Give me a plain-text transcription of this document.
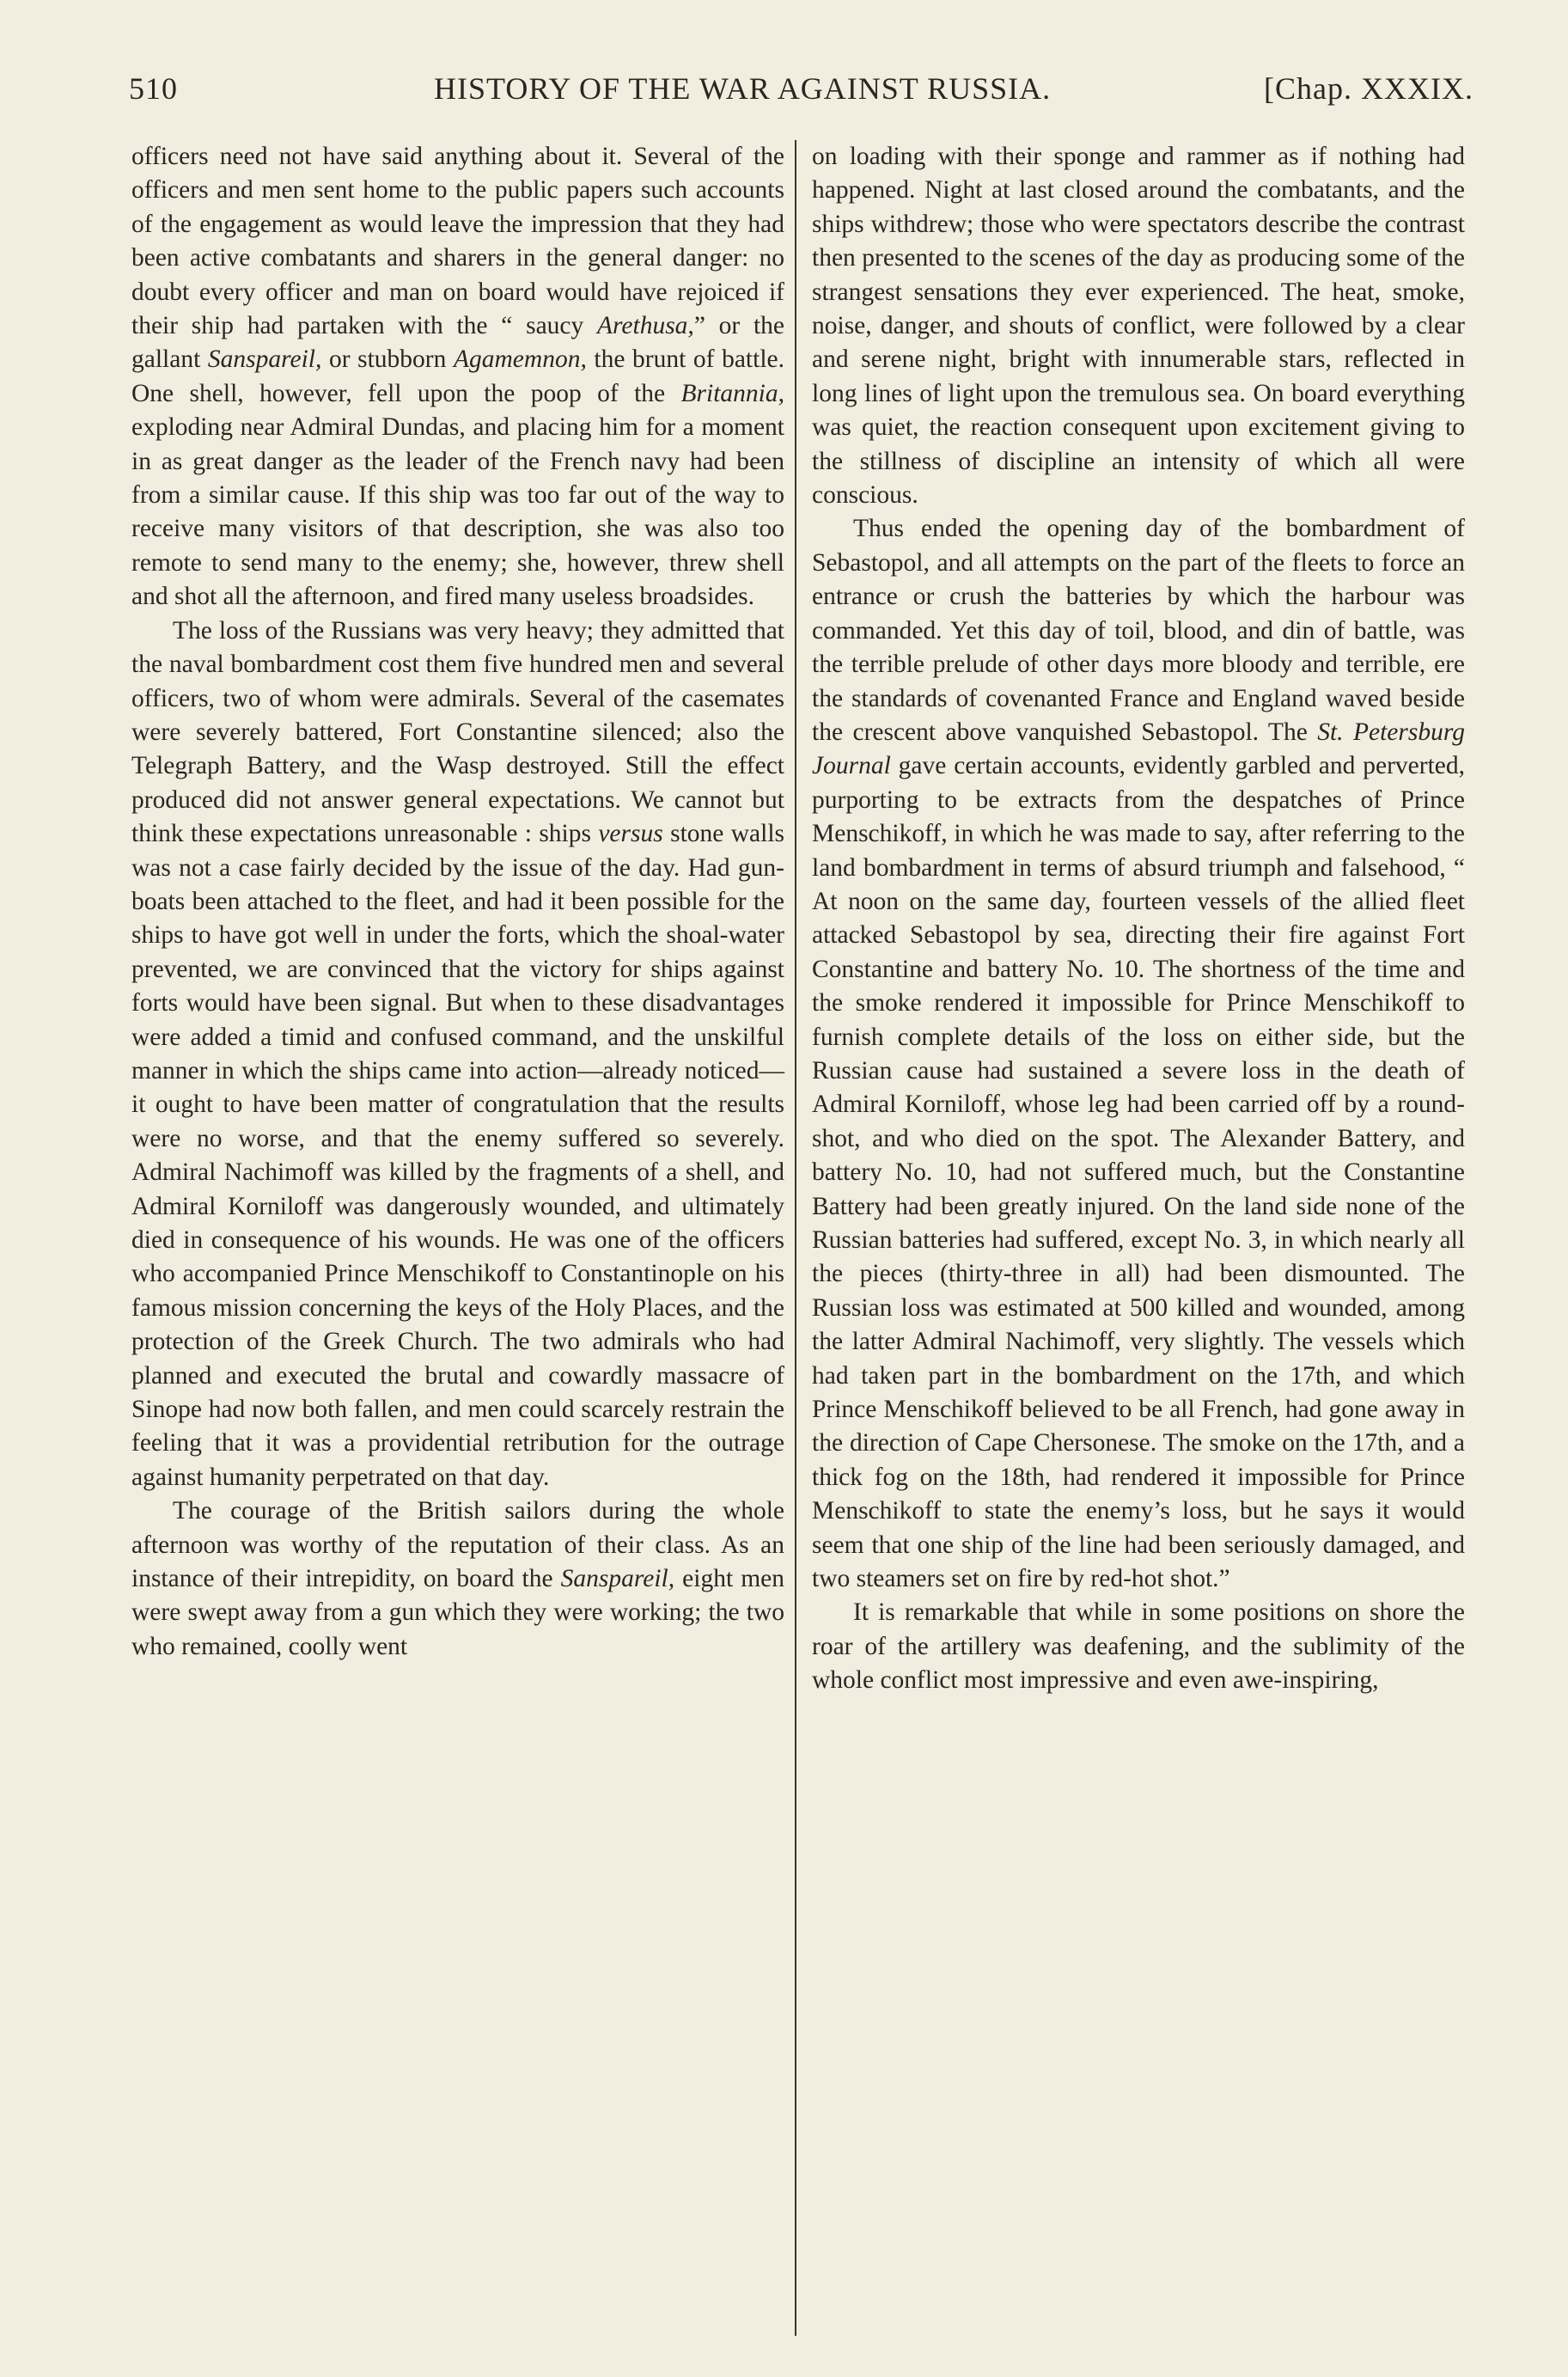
510	HISTORY OF THE WAR AGAINST RUSSIA.	[Chap. XXXIX.

officers need not have said anything about it. Several of the officers and men sent home to the public papers such accounts of the engagement as would leave the impression that they had been active combatants and sharers in the general danger: no doubt every officer and man on board would have rejoiced if their ship had partaken with the “ saucy Arethusa,” or the gallant Sanspareil, or stubborn Agamemnon, the brunt of battle. One shell, however, fell upon the poop of the Britannia, exploding near Admiral Dundas, and placing him for a moment in as great danger as the leader of the French navy had been from a similar cause. If this ship was too far out of the way to receive many visitors of that description, she was also too remote to send many to the enemy; she, however, threw shell and shot all the afternoon, and fired many useless broadsides.

The loss of the Russians was very heavy; they admitted that the naval bombardment cost them five hundred men and several officers, two of whom were admirals. Several of the casemates were severely battered, Fort Constantine silenced; also the Telegraph Battery, and the Wasp destroyed. Still the effect produced did not answer general expectations. We cannot but think these expectations unreasonable : ships versus stone walls was not a case fairly decided by the issue of the day. Had gun-boats been attached to the fleet, and had it been possible for the ships to have got well in under the forts, which the shoal-water prevented, we are convinced that the victory for ships against forts would have been signal. But when to these disadvantages were added a timid and confused command, and the unskilful manner in which the ships came into action—already noticed—it ought to have been matter of congratulation that the results were no worse, and that the enemy suffered so severely. Admiral Nachimoff was killed by the fragments of a shell, and Admiral Korniloff was dangerously wounded, and ultimately died in consequence of his wounds. He was one of the officers who accompanied Prince Menschikoff to Constantinople on his famous mission concerning the keys of the Holy Places, and the protection of the Greek Church. The two admirals who had planned and executed the brutal and cowardly massacre of Sinope had now both fallen, and men could scarcely restrain the feeling that it was a providential retribution for the outrage against humanity perpetrated on that day.

The courage of the British sailors during the whole afternoon was worthy of the reputation of their class. As an instance of their intrepidity, on board the Sanspareil, eight men were swept away from a gun which they were working; the two who remained, coolly went

on loading with their sponge and rammer as if nothing had happened. Night at last closed around the combatants, and the ships withdrew; those who were spectators describe the contrast then presented to the scenes of the day as producing some of the strangest sensations they ever experienced. The heat, smoke, noise, danger, and shouts of conflict, were followed by a clear and serene night, bright with innumerable stars, reflected in long lines of light upon the tremulous sea. On board everything was quiet, the reaction consequent upon excitement giving to the stillness of discipline an intensity of which all were conscious.

Thus ended the opening day of the bombardment of Sebastopol, and all attempts on the part of the fleets to force an entrance or crush the batteries by which the harbour was commanded. Yet this day of toil, blood, and din of battle, was the terrible prelude of other days more bloody and terrible, ere the standards of covenanted France and England waved beside the crescent above vanquished Sebastopol. The St. Petersburg Journal gave certain accounts, evidently garbled and perverted, purporting to be extracts from the despatches of Prince Menschikoff, in which he was made to say, after referring to the land bombardment in terms of absurd triumph and falsehood, “ At noon on the same day, fourteen vessels of the allied fleet attacked Sebastopol by sea, directing their fire against Fort Constantine and battery No. 10. The shortness of the time and the smoke rendered it impossible for Prince Menschikoff to furnish complete details of the loss on either side, but the Russian cause had sustained a severe loss in the death of Admiral Korniloff, whose leg had been carried off by a round-shot, and who died on the spot. The Alexander Battery, and battery No. 10, had not suffered much, but the Constantine Battery had been greatly injured. On the land side none of the Russian batteries had suffered, except No. 3, in which nearly all the pieces (thirty-three in all) had been dismounted. The Russian loss was estimated at 500 killed and wounded, among the latter Admiral Nachimoff, very slightly. The vessels which had taken part in the bombardment on the 17th, and which Prince Menschikoff believed to be all French, had gone away in the direction of Cape Chersonese. The smoke on the 17th, and a thick fog on the 18th, had rendered it impossible for Prince Menschikoff to state the enemy’s loss, but he says it would seem that one ship of the line had been seriously damaged, and two steamers set on fire by red-hot shot.”

It is remarkable that while in some positions on shore the roar of the artillery was deafening, and the sublimity of the whole conflict most impressive and even awe-inspiring,
